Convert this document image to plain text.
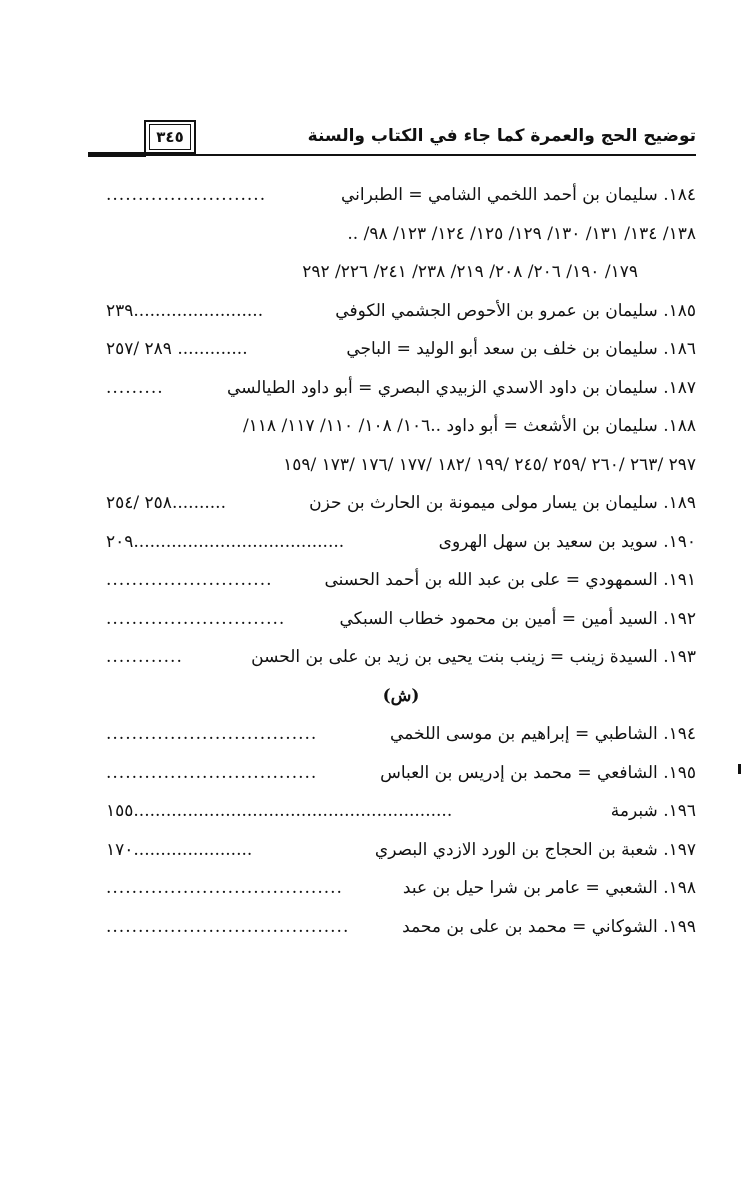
توضيح الحج والعمرة كما جاء في الكتاب والسنة
٣٤٥
١٨٤. سليمان بن أحمد اللخمي الشامي = الطبراني
.........................
١٣٨/ ١٣٤/ ١٣١/ ١٣٠/ ١٢٩/ ١٢٥/ ١٢٤/ ١٢٣/ ٩٨/ ..
١٧٩/ ١٩٠/ ٢٠٦/ ٢٠٨/ ٢١٩/ ٢٣٨/ ٢٤١/ ٢٢٦/ ٢٩٢
١٨٥. سليمان بن عمرو بن الأحوص الجشمي الكوفي
٢٣٩........................
١٨٦. سليمان بن خلف بن سعد أبو الوليد = الباجي
٢٨٩ /٢٥٧ .............
١٨٧. سليمان بن داود الاسدي الزبيدي البصري = أبو داود الطيالسي
.........
١٨٨. سليمان بن الأشعث = أبو داود ..١٠٦/ ١٠٨/ ١١٠/ ١١٧/ ١١٨/
٢٩٧ /٢٦٣ /٢٦٠ /٢٥٩ /٢٤٥ /١٩٩ /١٨٢ /١٧٧ /١٧٦ /١٧٣ /١٥٩
١٨٩. سليمان بن يسار مولى ميمونة بن الحارث بن حزن
٢٥٨ /٢٥٤..........
١٩٠. سويد بن سعيد بن سهل الهروى
٢٠٩.......................................
١٩١. السمهودي = على بن عبد الله بن أحمد الحسنى
..........................
١٩٢. السيد أمين = أمين بن محمود خطاب السبكي
............................
١٩٣. السيدة زينب = زينب بنت يحيى بن زيد بن على بن الحسن
............
(ش)
١٩٤. الشاطبي = إبراهيم بن موسى اللخمي
.................................
١٩٥. الشافعي = محمد بن إدريس بن العباس
.................................
١٩٦. شبرمة
١٥٥...........................................................
١٩٧. شعبة بن الحجاج بن الورد الازدي البصري
١٧٠......................
١٩٨. الشعبي = عامر بن شرا حيل بن عبد
.....................................
١٩٩. الشوكاني = محمد بن على بن محمد
......................................
